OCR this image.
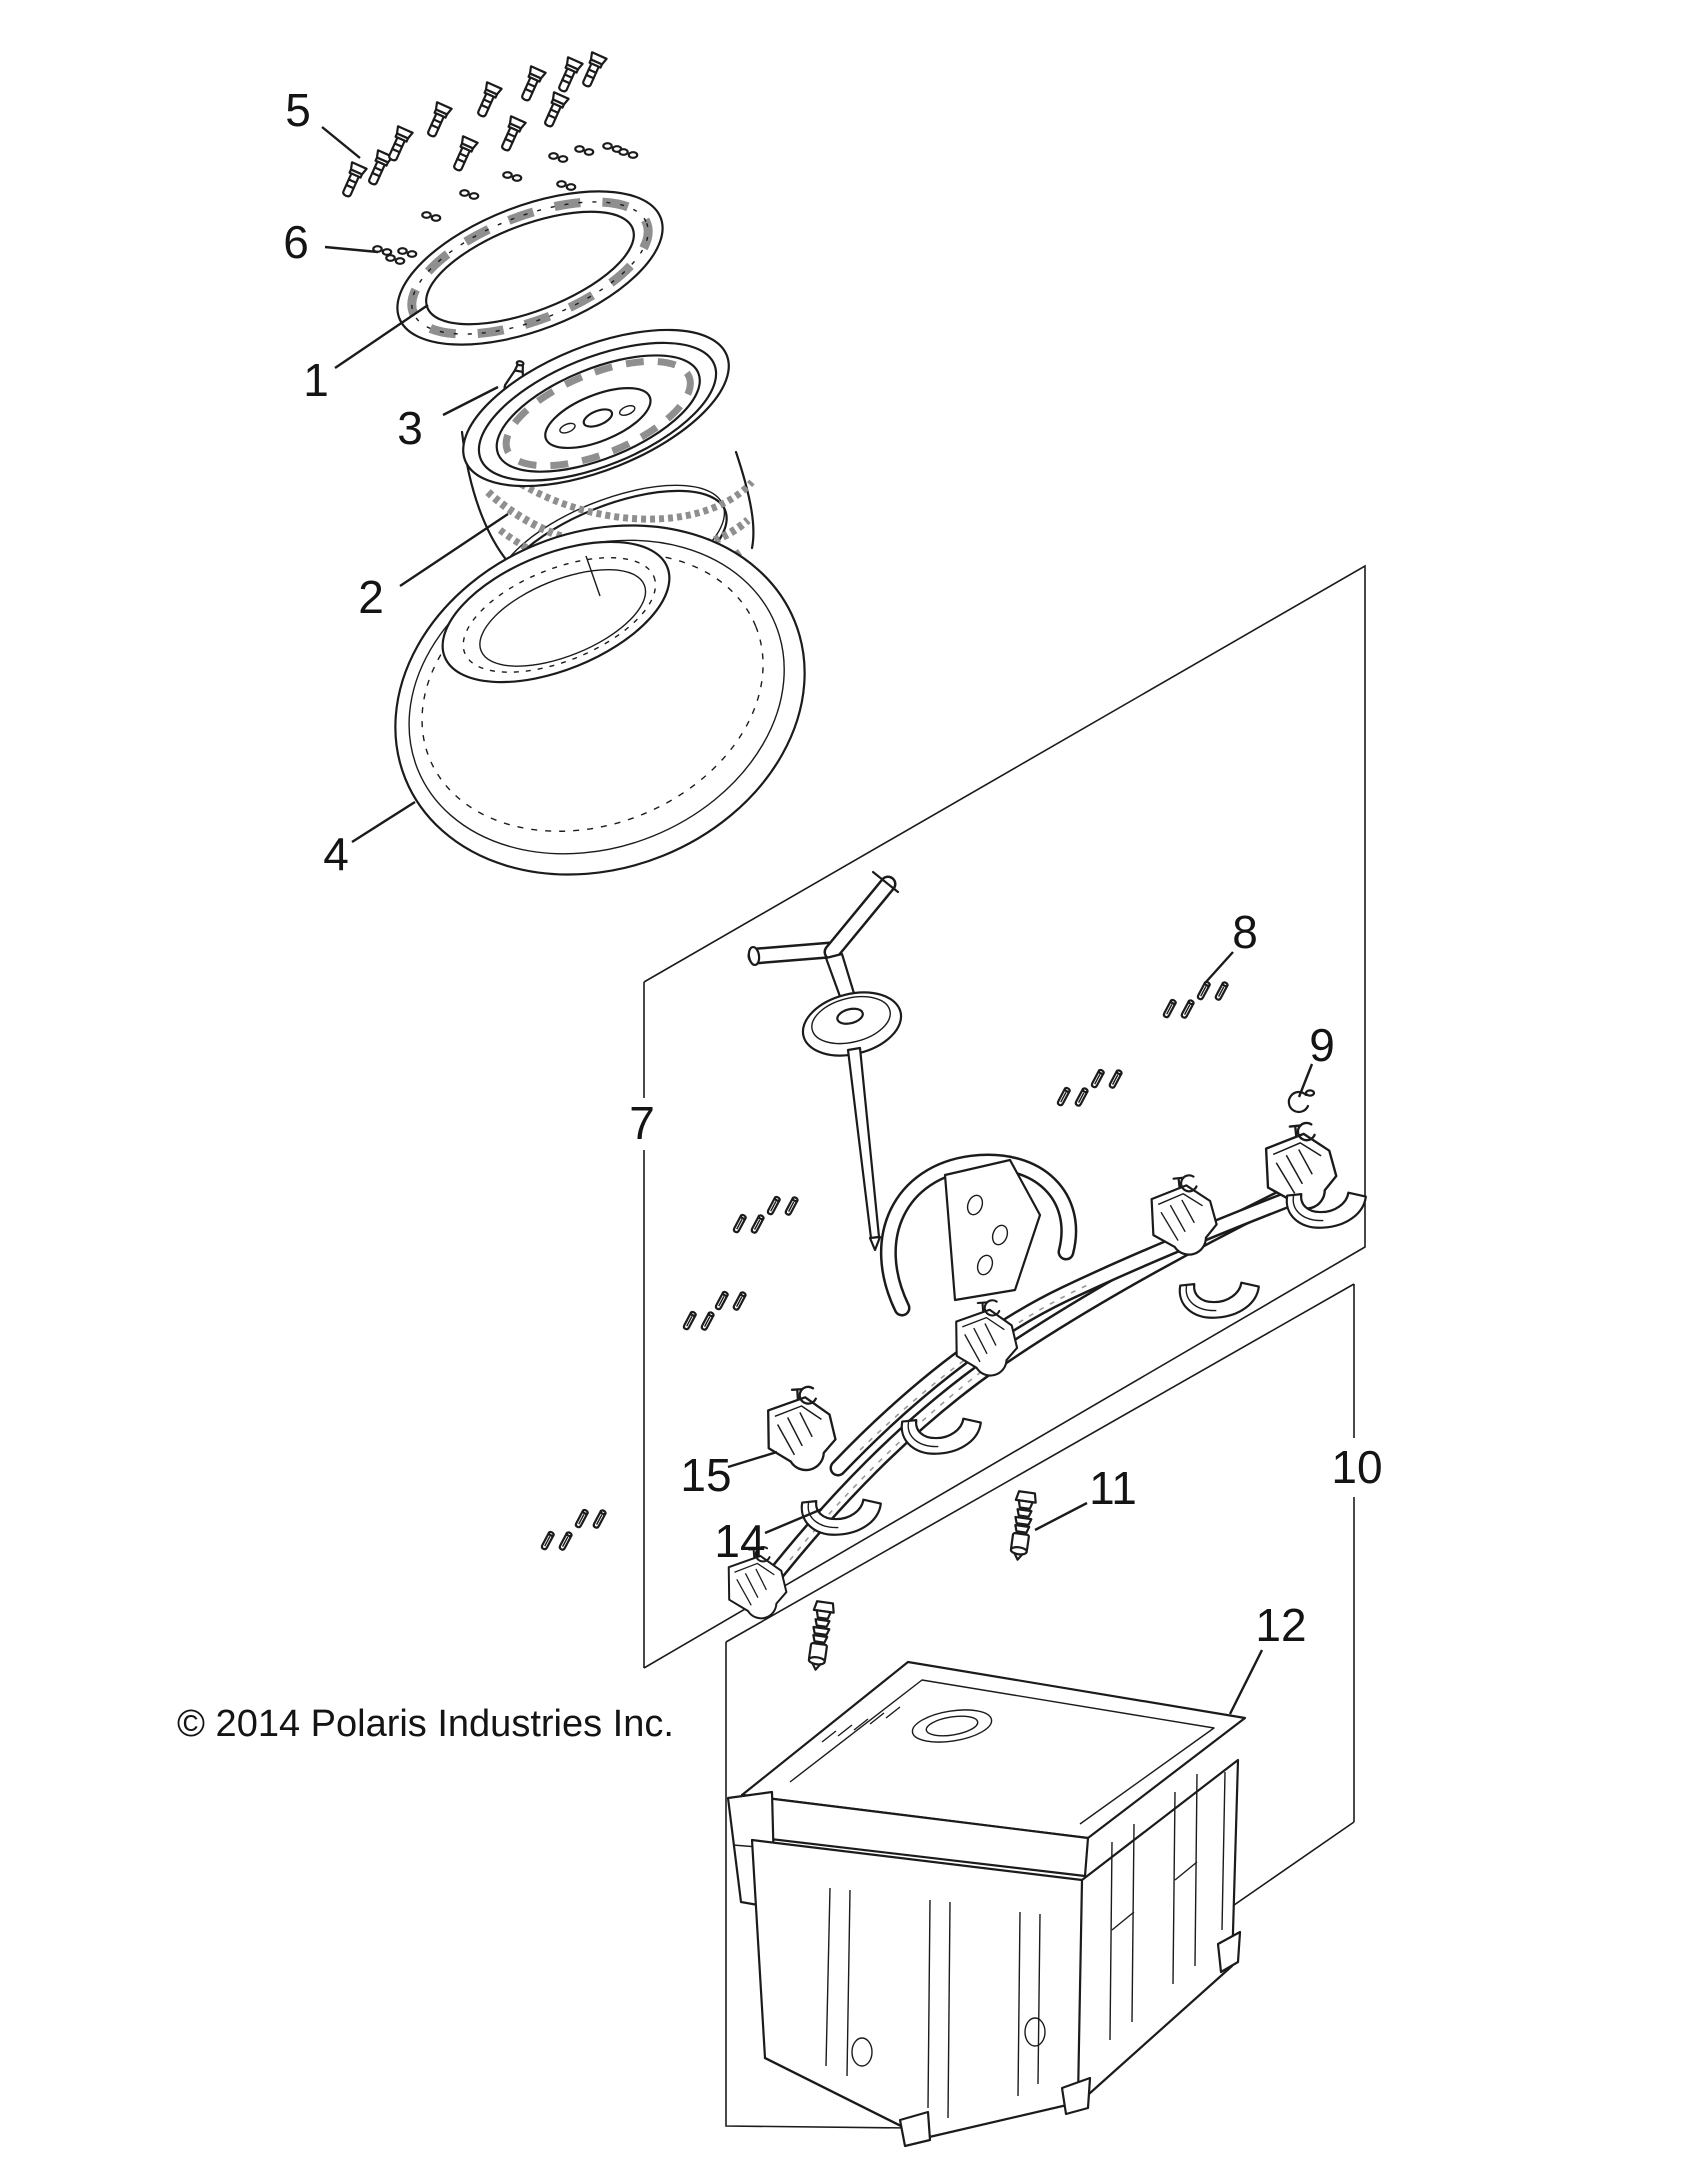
5
6
1
3
2
4
7
8
9
10
11
12
14
15
© 2014 Polaris Industries Inc.
